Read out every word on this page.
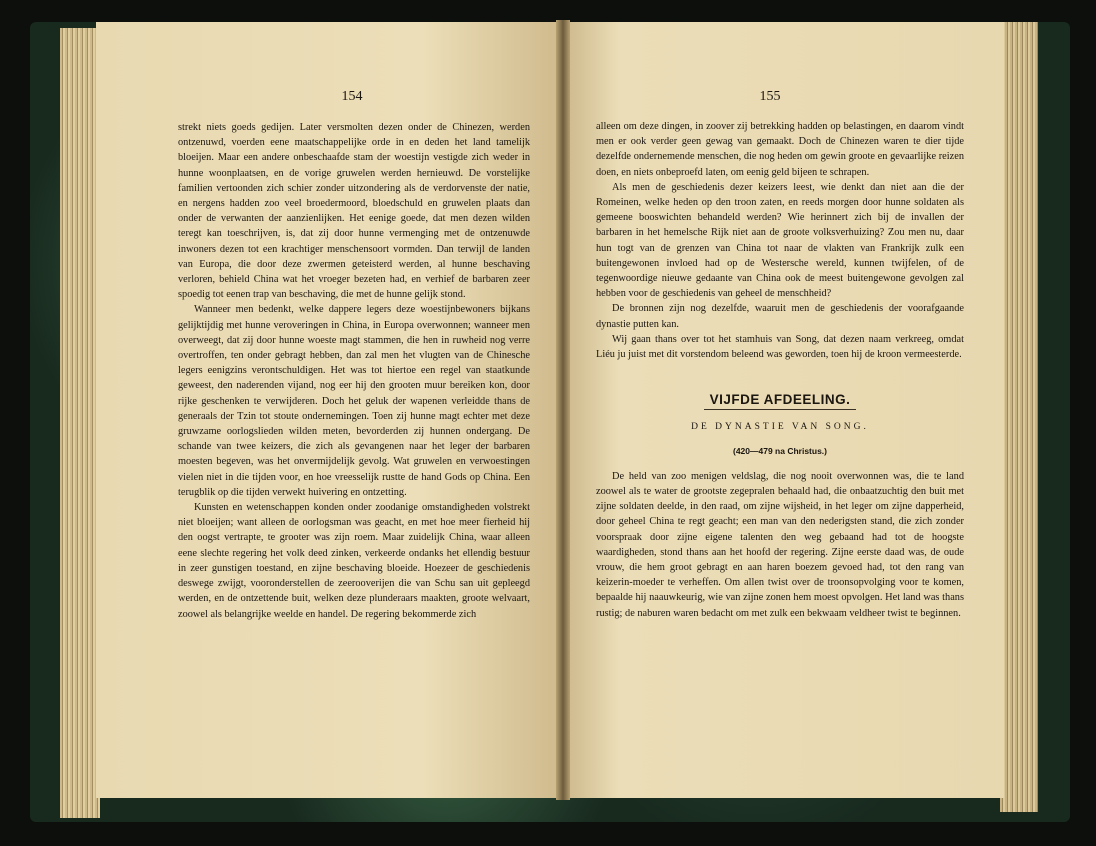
154

strekt niets goeds gedijen. Later versmolten dezen onder de Chinezen, werden ontzenuwd, voerden eene maatschappelijke orde in en deden het land tamelijk bloeijen. Maar een andere onbeschaafde stam der woestijn vestigde zich weder in hunne woonplaatsen, en de vorige gruwelen werden hernieuwd. De vorstelijke familien vertoonden zich schier zonder uitzondering als de verdorvenste der natie, en nergens hadden zoo veel broedermoord, bloedschuld en gruwelen plaats dan onder de verwanten der aanzienlijken. Het eenige goede, dat men dezen wilden teregt kan toeschrijven, is, dat zij door hunne vermenging met de ontzenuwde inwoners dezen tot een krachtiger menschensoort vormden. Dan terwijl de landen van Europa, die door deze zwermen geteisterd werden, al hunne beschaving verloren, behield China wat het vroeger bezeten had, en verhief de barbaren zeer spoedig tot eenen trap van beschaving, die met de hunne gelijk stond.

Wanneer men bedenkt, welke dappere legers deze woestijnbewoners bijkans gelijktijdig met hunne veroveringen in China, in Europa overwonnen; wanneer men overweegt, dat zij door hunne woeste magt stammen, die hen in ruwheid nog verre overtroffen, ten onder gebragt hebben, dan zal men het vlugten van de Chinesche legers eenigzins verontschuldigen. Het was tot hiertoe een regel van staatkunde geweest, den naderenden vijand, nog eer hij den grooten muur bereiken kon, door rijke geschenken te verwijderen. Doch het geluk der wapenen verleidde thans de generaals der Tzin tot stoute ondernemingen. Toen zij hunne magt echter met deze gruwzame oorlogslieden wilden meten, bevorderden zij hunnen ondergang. De schande van twee keizers, die zich als gevangenen naar het leger der barbaren moesten begeven, was het onvermijdelijk gevolg. Wat gruwelen en verwoestingen vielen niet in die tijden voor, en hoe vreesselijk rustte de hand Gods op China. Een terugblik op die tijden verwekt huivering en ontzetting.

Kunsten en wetenschappen konden onder zoodanige omstandigheden volstrekt niet bloeijen; want alleen de oorlogsman was geacht, en met hoe meer fierheid hij den oogst vertrapte, te grooter was zijn roem. Maar zuidelijk China, waar alleen eene slechte regering het volk deed zinken, verkeerde ondanks het ellendig bestuur in zeer gunstigen toestand, en zijne beschaving bloeide. Hoezeer de geschiedenis deswege zwijgt, vooronderstellen de zeerooverijen die van Schu san uit gepleegd werden, en de ontzettende buit, welken deze plunderaars maakten, groote welvaart, zoowel als belangrijke weelde en handel. De regering bekommerde zich

155

alleen om deze dingen, in zoover zij betrekking hadden op belastingen, en daarom vindt men er ook verder geen gewag van gemaakt. Doch de Chinezen waren te dier tijde dezelfde ondernemende menschen, die nog heden om gewin groote en gevaarlijke reizen doen, en niets onbeproefd laten, om eenig geld bijeen te schrapen.

Als men de geschiedenis dezer keizers leest, wie denkt dan niet aan die der Romeinen, welke heden op den troon zaten, en reeds morgen door hunne soldaten als gemeene booswichten behandeld werden? Wie herinnert zich bij de invallen der barbaren in het hemelsche Rijk niet aan de groote volksverhuizing? Zou men nu, daar hun togt van de grenzen van China tot naar de vlakten van Frankrijk zulk een buitengewonen invloed had op de Westersche wereld, kunnen twijfelen, of de tegenwoordige nieuwe gedaante van China ook de meest buitengewone gevolgen zal hebben voor de geschiedenis van geheel de menschheid?

De bronnen zijn nog dezelfde, waaruit men de geschiedenis der voorafgaande dynastie putten kan.

Wij gaan thans over tot het stamhuis van Song, dat dezen naam verkreeg, omdat Liéu ju juist met dit vorstendom beleend was geworden, toen hij de kroon vermeesterde.

VIJFDE AFDEELING.
DE DYNASTIE VAN SONG.
(420—479 na Christus.)

De held van zoo menigen veldslag, die nog nooit overwonnen was, die te land zoowel als te water de grootste zegepralen behaald had, die onbaatzuchtig den buit met zijne soldaten deelde, in den raad, om zijne wijsheid, in het leger om zijne dapperheid, door geheel China te regt geacht; een man van den nederigsten stand, die zich zonder voorspraak door zijne eigene talenten den weg gebaand had tot de hoogste waardigheden, stond thans aan het hoofd der regering. Zijne eerste daad was, de oude vrouw, die hem groot gebragt en aan haren boezem gevoed had, tot den rang van keizerin-moeder te verheffen. Om allen twist over de troonsopvolging voor te komen, bepaalde hij naauwkeurig, wie van zijne zonen hem moest opvolgen. Het land was thans rustig; de naburen waren bedacht om met zulk een bekwaam veldheer twist te beginnen.
